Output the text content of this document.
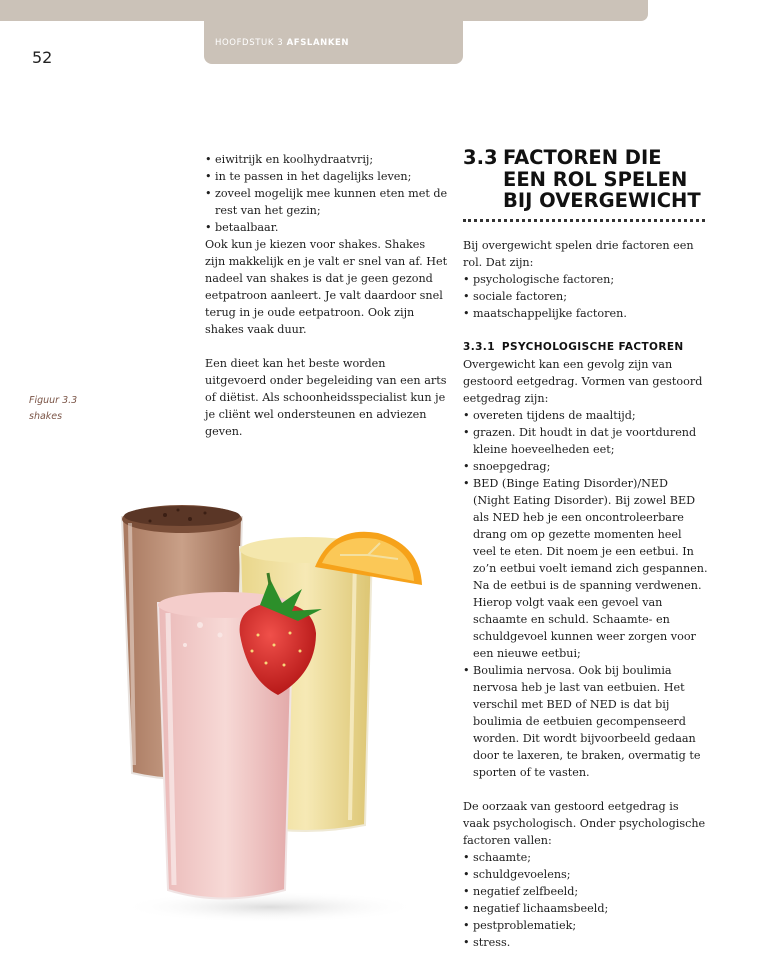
HOOFDSTUK 3 AFSLANKEN
52
• eiwitrijk en koolhydraatvrij;
• in te passen in het dagelijks leven;
• zoveel mogelijk mee kunnen eten met de rest van het gezin;
• betaalbaar.

Ook kun je kiezen voor shakes. Shakes zijn makkelijk en je valt er snel van af. Het nadeel van shakes is dat je geen gezond eetpatroon aanleert. Je valt daardoor snel terug in je oude eetpatroon. Ook zijn shakes vaak duur.

Een dieet kan het beste worden uitgevoerd onder begeleiding van een arts of diëtist. Als schoonheidsspecialist kun je je cliënt wel ondersteunen en adviezen geven.

Figuur 3.3
shakes
3.3 FACTOREN DIE EEN ROL SPELEN BIJ OVERGEWICHT

Bij overgewicht spelen drie factoren een rol. Dat zijn:

• psychologische factoren;
• sociale factoren;
• maatschappelijke factoren.

3.3.1 PSYCHOLOGISCHE FACTOREN

Overgewicht kan een gevolg zijn van gestoord eetgedrag. Vormen van gestoord eetgedrag zijn:

• overeten tijdens de maaltijd;
• grazen. Dit houdt in dat je voortdurend kleine hoeveelheden eet;
• snoepgedrag;
• BED (Binge Eating Disorder)/NED (Night Eating Disorder). Bij zowel BED als NED heb je een oncontroleerbare drang om op gezette momenten heel veel te eten. Dit noem je een eetbui. In zo’n eetbui voelt iemand zich gespannen. Na de eetbui is de spanning verdwenen. Hierop volgt vaak een gevoel van schaamte en schuld. Schaamte- en schuldgevoel kunnen weer zorgen voor een nieuwe eetbui;
• Boulimia nervosa. Ook bij boulimia nervosa heb je last van eetbuien. Het verschil met BED of NED is dat bij boulimia de eetbuien gecompenseerd worden. Dit wordt bijvoorbeeld gedaan door te laxeren, te braken, overmatig te sporten of te vasten.

De oorzaak van gestoord eetgedrag is vaak psychologisch. Onder psychologische factoren vallen:

• schaamte;
• schuldgevoelens;
• negatief zelfbeeld;
• negatief lichaamsbeeld;
• pestproblematiek;
• stress.
